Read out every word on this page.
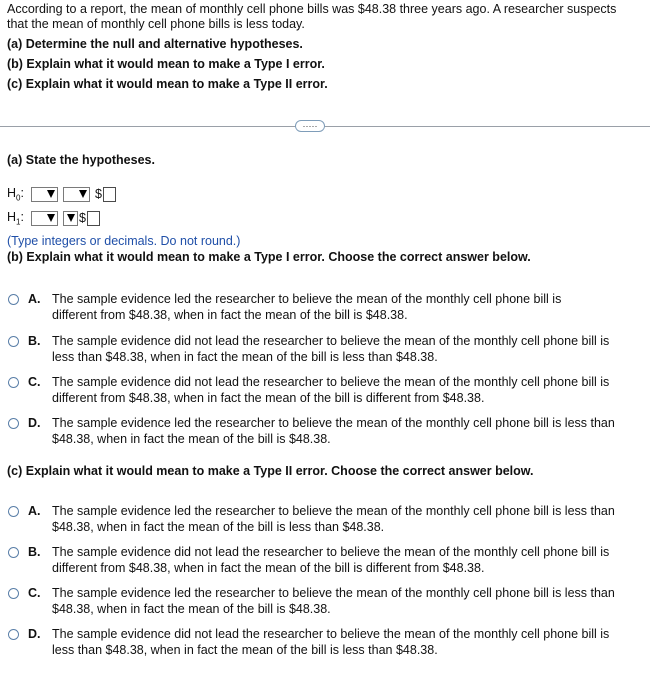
According to a report, the mean of monthly cell phone bills was $48.38 three years ago. A researcher suspects
that the mean of monthly cell phone bills is less today.
(a) Determine the null and alternative hypotheses.
(b) Explain what it would mean to make a Type I error.
(c) Explain what it would mean to make a Type II error.
·····
(a) State the hypotheses.
$H_0$:	$
$H_1$:	$
(Type integers or decimals. Do not round.)
(b) Explain what it would mean to make a Type I error. Choose the correct answer below.
A. The sample evidence led the researcher to believe the mean of the monthly cell phone bill is
different from $48.38, when in fact the mean of the bill is $48.38.
B. The sample evidence did not lead the researcher to believe the mean of the monthly cell phone bill is
less than $48.38, when in fact the mean of the bill is less than $48.38.
C. The sample evidence did not lead the researcher to believe the mean of the monthly cell phone bill is
different from $48.38, when in fact the mean of the bill is different from $48.38.
D. The sample evidence led the researcher to believe the mean of the monthly cell phone bill is less than
$48.38, when in fact the mean of the bill is $48.38.
(c) Explain what it would mean to make a Type II error. Choose the correct answer below.
A. The sample evidence led the researcher to believe the mean of the monthly cell phone bill is less than
$48.38, when in fact the mean of the bill is less than $48.38.
B. The sample evidence did not lead the researcher to believe the mean of the monthly cell phone bill is
different from $48.38, when in fact the mean of the bill is different from $48.38.
C. The sample evidence led the researcher to believe the mean of the monthly cell phone bill is less than
$48.38, when in fact the mean of the bill is $48.38.
D. The sample evidence did not lead the researcher to believe the mean of the monthly cell phone bill is
less than $48.38, when in fact the mean of the bill is less than $48.38.
